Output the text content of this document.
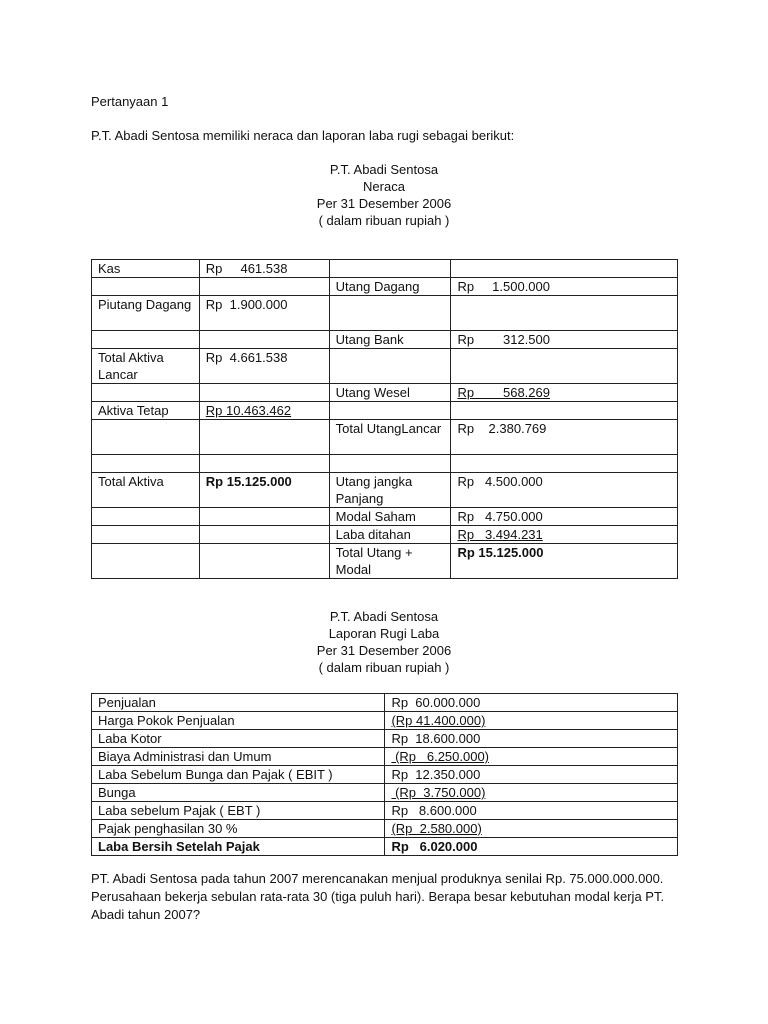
Pertanyaan 1
P.T. Abadi Sentosa memiliki neraca dan laporan laba rugi sebagai berikut:
P.T. Abadi Sentosa
Neraca
Per 31 Desember 2006
( dalam ribuan rupiah )
Kas	Rp     461.538		
		Utang Dagang	Rp     1.500.000
Piutang Dagang	Rp  1.900.000		
		Utang Bank	Rp        312.500
Total Aktiva Lancar	Rp  4.661.538		
		Utang Wesel	Rp        568.269
Aktiva Tetap	Rp 10.463.462		
		Total UtangLancar	Rp    2.380.769

Total Aktiva	Rp 15.125.000	Utang jangka Panjang	Rp   4.500.000
		Modal Saham	Rp   4.750.000
		Laba ditahan	Rp   3.494.231
		Total Utang + Modal	Rp 15.125.000
P.T. Abadi Sentosa
Laporan Rugi Laba
Per 31 Desember 2006
( dalam ribuan rupiah )
Penjualan	Rp  60.000.000
Harga Pokok Penjualan	(Rp 41.400.000)
Laba Kotor	Rp  18.600.000
Biaya Administrasi dan Umum	(Rp   6.250.000)
Laba Sebelum Bunga dan Pajak ( EBIT )	Rp  12.350.000
Bunga	(Rp  3.750.000)
Laba sebelum Pajak ( EBT )	Rp   8.600.000
Pajak penghasilan 30 %	(Rp  2.580.000)
Laba Bersih Setelah Pajak	Rp   6.020.000
PT. Abadi Sentosa pada tahun 2007 merencanakan menjual produknya senilai Rp. 75.000.000.000. Perusahaan bekerja sebulan rata-rata 30 (tiga puluh hari). Berapa besar kebutuhan modal kerja PT. Abadi tahun 2007?
